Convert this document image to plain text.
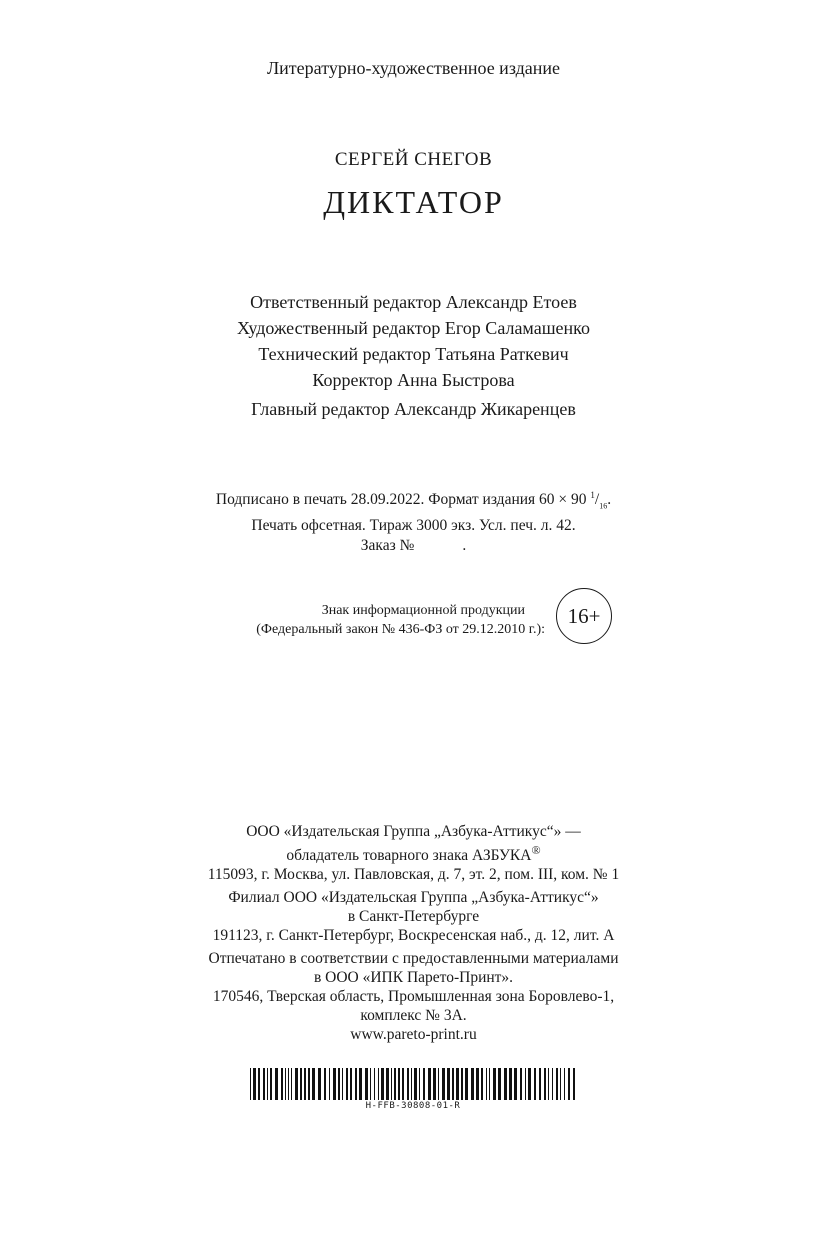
Литературно-художественное издание
СЕРГЕЙ СНЕГОВ
ДИКТАТОР
Ответственный редактор Александр Етоев
Художественный редактор Егор Саламашенко
Технический редактор Татьяна Раткевич
Корректор Анна Быстрова
Главный редактор Александр Жикаренцев
Подписано в печать 28.09.2022. Формат издания 60 × 90 $^1/_{16}$.
Печать офсетная. Тираж 3000 экз. Усл. печ. л. 42.
Заказ №	.
Знак информационной продукции
(Федеральный закон № 436-ФЗ от 29.12.2010 г.):
16+
ООО «Издательская Группа „Азбука-Аттикус“» —
обладатель товарного знака АЗБУКА®
115093, г. Москва, ул. Павловская, д. 7, эт. 2, пом. III, ком. № 1
Филиал ООО «Издательская Группа „Азбука-Аттикус“»
в Санкт-Петербурге
191123, г. Санкт-Петербург, Воскресенская наб., д. 12, лит. А
Отпечатано в соответствии с предоставленными материалами
в ООО «ИПК Парето-Принт».
170546, Тверская область, Промышленная зона Боровлево-1,
комплекс № 3А.
www.pareto-print.ru
H-FFB-30808-01-R
